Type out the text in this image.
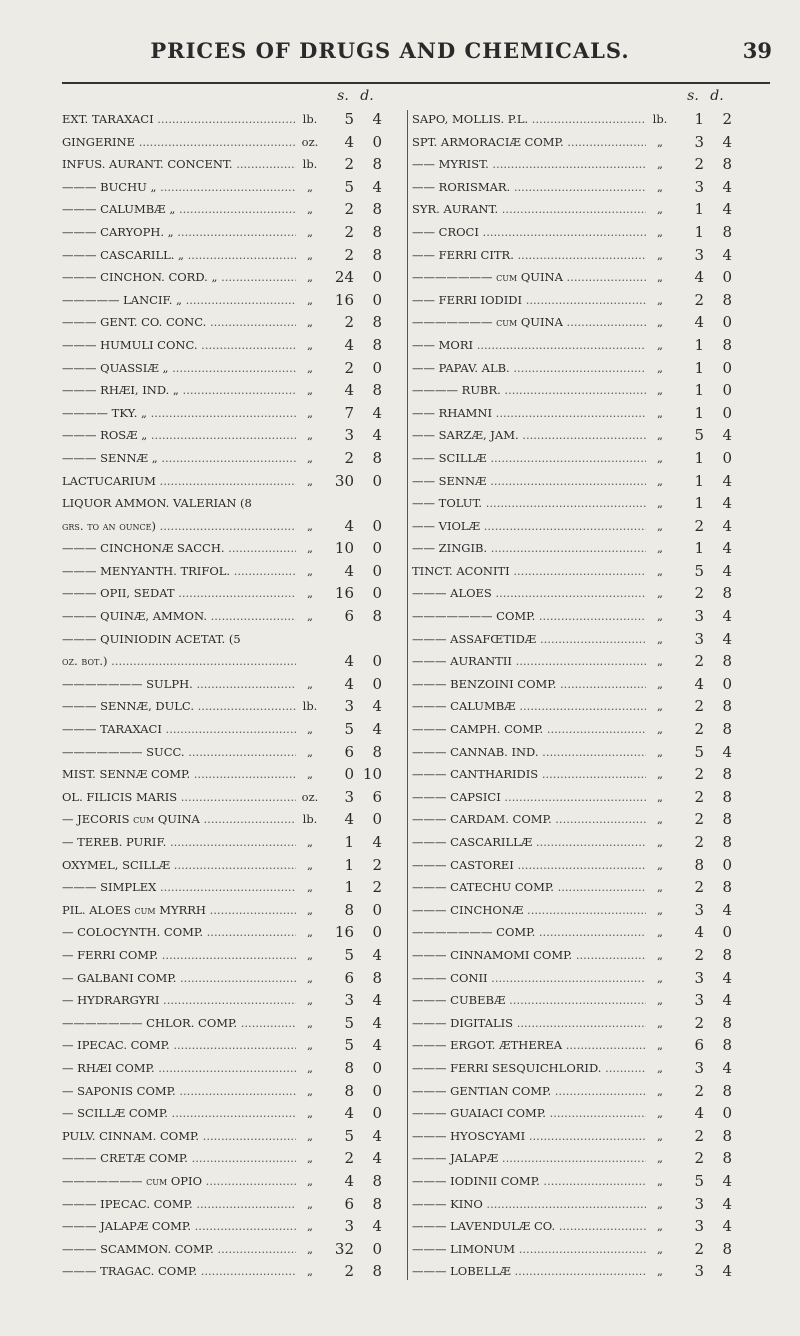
PRICES OF DRUGS AND CHEMICALS.	39
s. d.
EXT. TARAXACI .....	lb.	5	4
GINGERINE .....	oz.	4	0
INFUS. AURANT. CONCENT. .....	lb.	2	8
——— BUCHU „ .....	„	5	4
——— CALUMBÆ „ .....	„	2	8
——— CARYOPH. „ .....	„	2	8
——— CASCARILL. „ .....	„	2	8
——— CINCHON. CORD. „ .....	„	24	0
————— LANCIF. „ .....	„	16	0
——— GENT. CO. CONC. .....	„	2	8
——— HUMULI CONC. .....	„	4	8
——— QUASSIÆ „ .....	„	2	0
——— RHÆI, IND. „ .....	„	4	8
———— TKY. „ .....	„	7	4
——— ROSÆ „ .....	„	3	4
——— SENNÆ „ .....	„	2	8
LACTUCARIUM .....	„	30	0
LIQUOR AMMON. VALERIAN (8
grs. to an ounce) .....	„	4	0
——— CINCHONÆ SACCH. .....	„	10	0
——— MENYANTH. TRIFOL. .....	„	4	0
——— OPII, SEDAT .....	„	16	0
——— QUINÆ, AMMON. .....	„	6	8
——— QUINIODIN ACETAT. (5
oz. bot.) .....	4	0
——————— SULPH. .....	„	4	0
——— SENNÆ, DULC. .....	lb.	3	4
——— TARAXACI .....	„	5	4
——————— SUCC. .....	„	6	8
MIST. SENNÆ COMP. .....	„	0 10
OL. FILICIS MARIS .....	oz.	3	6
— JECORIS cum QUINA .....	lb.	4	0
— TEREB. PURIF. .....	„	1	4
OXYMEL, SCILLÆ .....	„	1	2
——— SIMPLEX .....	„	1	2
PIL. ALOES cum MYRRH .....	„	8	0
— COLOCYNTH. COMP. .....	„	16	0
— FERRI COMP. .....	„	5	4
— GALBANI COMP. .....	„	6	8
— HYDRARGYRI .....	„	3	4
——————— CHLOR. COMP. .....	„	5	4
— IPECAC. COMP. .....	„	5	4
— RHÆI COMP. .....	„	8	0
— SAPONIS COMP. .....	„	8	0
— SCILLÆ COMP. .....	„	4	0
PULV. CINNAM. COMP. .....	„	5	4
——— CRETÆ COMP. .....	„	2	4
——————— cum OPIO .....	„	4	8
——— IPECAC. COMP. .....	„	6	8
——— JALAPÆ COMP. .....	„	3	4
——— SCAMMON. COMP. .....	„	32	0
——— TRAGAC. COMP. .....	„	2	8
s. d.
SAPO, MOLLIS. P.L. .....	lb.	1	2
SPT. ARMORACIÆ COMP. .....	„	3	4
—— MYRIST. .....	„	2	8
—— RORISMAR. .....	„	3	4
SYR. AURANT. .....	„	1	4
—— CROCI .....	„	1	8
—— FERRI CITR. .....	„	3	4
——————— cum QUINA .....	„	4	0
—— FERRI IODIDI .....	„	2	8
——————— cum QUINA .....	„	4	0
—— MORI .....	„	1	8
—— PAPAV. ALB. .....	„	1	0
———— RUBR. .....	„	1	0
—— RHAMNI .....	„	1	0
—— SARZÆ, JAM. .....	„	5	4
—— SCILLÆ .....	„	1	0
—— SENNÆ .....	„	1	4
—— TOLUT. .....	„	1	4
—— VIOLÆ .....	„	2	4
—— ZINGIB. .....	„	1	4
TINCT. ACONITI .....	„	5	4
——— ALOES .....	„	2	8
——————— COMP. .....	„	3	4
——— ASSAFŒTIDÆ .....	„	3	4
——— AURANTII .....	„	2	8
——— BENZOINI COMP. .....	„	4	0
——— CALUMBÆ .....	„	2	8
——— CAMPH. COMP. .....	„	2	8
——— CANNAB. IND. .....	„	5	4
——— CANTHARIDIS .....	„	2	8
——— CAPSICI .....	„	2	8
——— CARDAM. COMP. .....	„	2	8
——— CASCARILLÆ .....	„	2	8
——— CASTOREI .....	„	8	0
——— CATECHU COMP. .....	„	2	8
——— CINCHONÆ .....	„	3	4
——————— COMP. .....	„	4	0
——— CINNAMOMI COMP. .....	„	2	8
——— CONII .....	„	3	4
——— CUBEBÆ .....	„	3	4
——— DIGITALIS .....	„	2	8
——— ERGOT. ÆTHEREA .....	„	6	8
——— FERRI SESQUICHLORID. .....	„	3	4
——— GENTIAN COMP. .....	„	2	8
——— GUAIACI COMP. .....	„	4	0
——— HYOSCYAMI .....	„	2	8
——— JALAPÆ .....	„	2	8
——— IODINII COMP. .....	„	5	4
——— KINO .....	„	3	4
——— LAVENDULÆ CO. .....	„	3	4
——— LIMONUM .....	„	2	8
——— LOBELLÆ .....	„	3	4
